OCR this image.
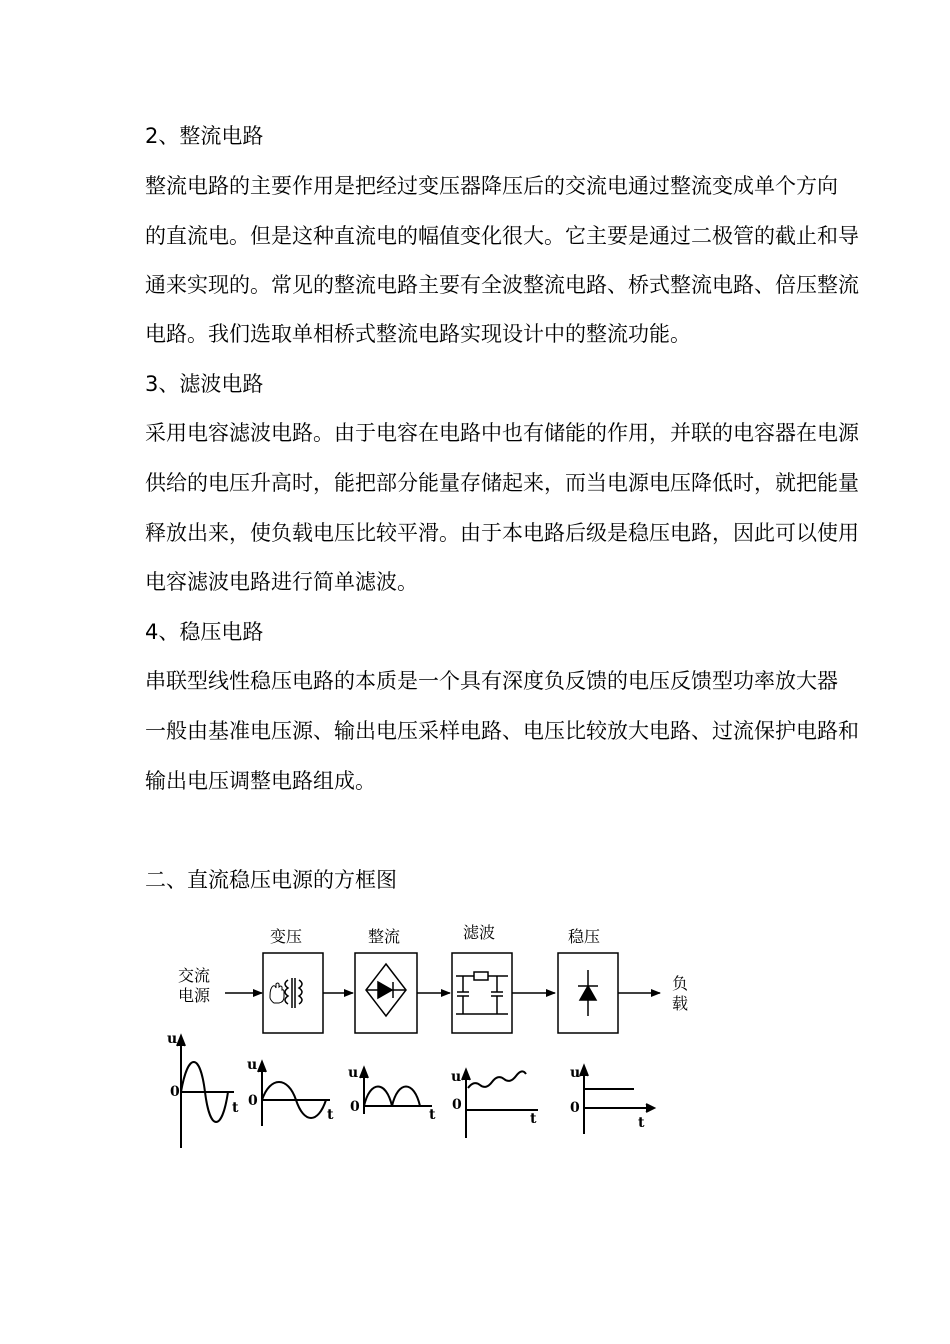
2、整流电路
整流电路的主要作用是把经过变压器降压后的交流电通过整流变成单个方向
的直流电。但是这种直流电的幅值变化很大。它主要是通过二极管的截止和导
通来实现的。常见的整流电路主要有全波整流电路、桥式整流电路、倍压整流
电路。我们选取单相桥式整流电路实现设计中的整流功能。
3、滤波电路
采用电容滤波电路。由于电容在电路中也有储能的作用，并联的电容器在电源
供给的电压升高时，能把部分能量存储起来，而当电源电压降低时，就把能量
释放出来，使负载电压比较平滑。由于本电路后级是稳压电路，因此可以使用
电容滤波电路进行简单滤波。
4、稳压电路
串联型线性稳压电路的本质是一个具有深度负反馈的电压反馈型功率放大器
一般由基准电压源、输出电压采样电路、电压比较放大电路、过流保护电路和
输出电压调整电路组成。
二、直流稳压电源的方框图
交流
电源
负
载
变压	整流	滤波	稳压
u
0
t
u
0
t
u
0	t
u
0
t
u
0
t
